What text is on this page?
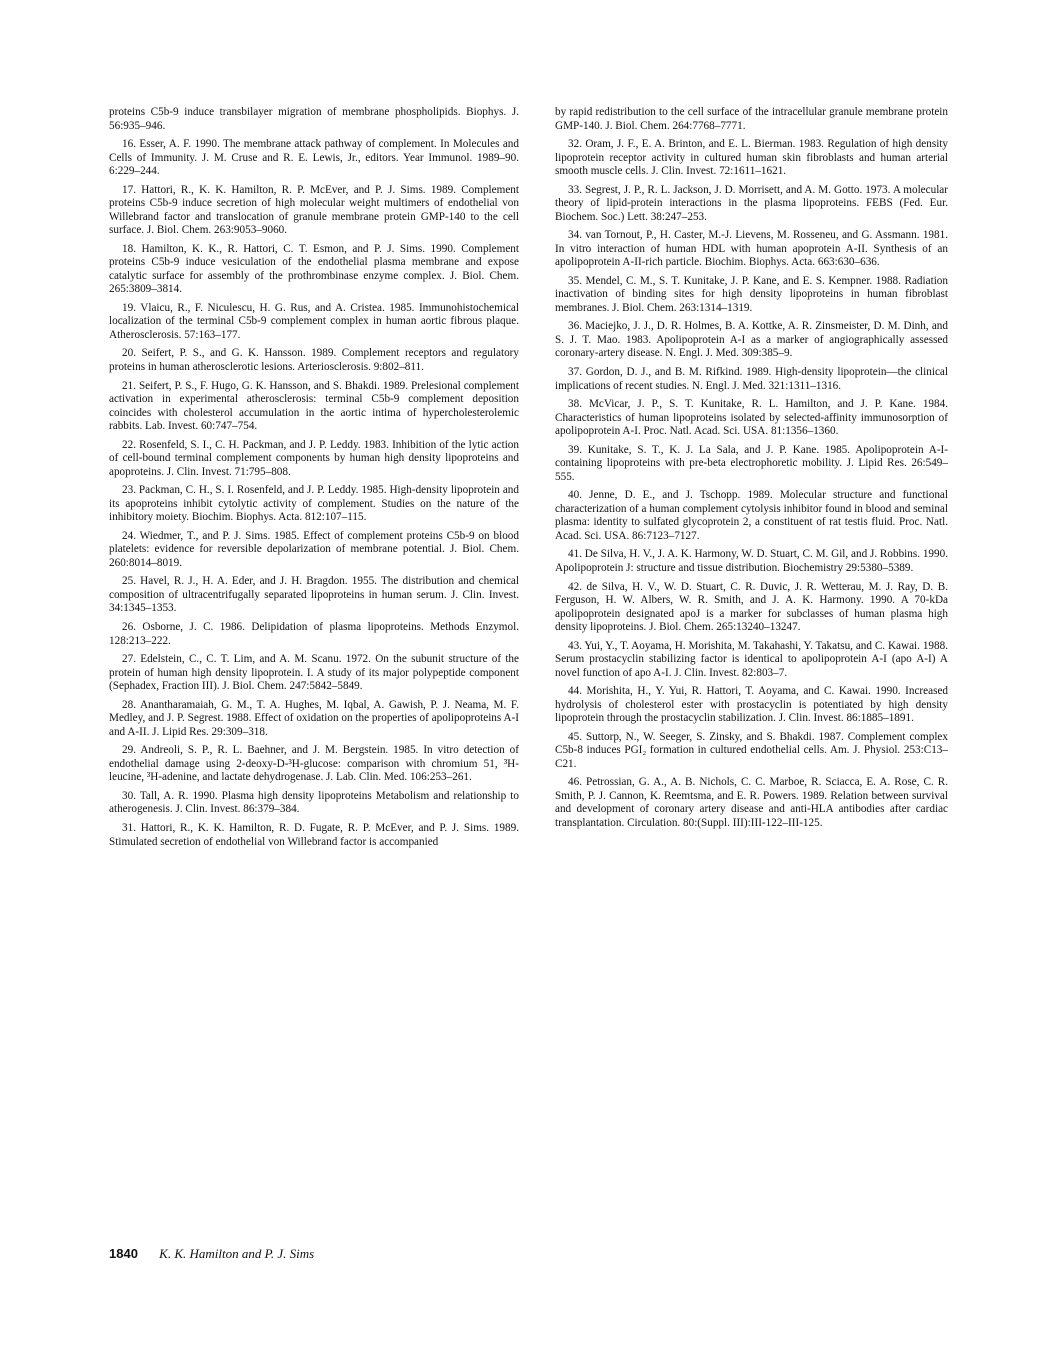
proteins C5b-9 induce transbilayer migration of membrane phospholipids. Biophys. J. 56:935–946.

16. Esser, A. F. 1990. The membrane attack pathway of complement. In Molecules and Cells of Immunity. J. M. Cruse and R. E. Lewis, Jr., editors. Year Immunol. 1989–90. 6:229–244.

17. Hattori, R., K. K. Hamilton, R. P. McEver, and P. J. Sims. 1989. Complement proteins C5b-9 induce secretion of high molecular weight multimers of endothelial von Willebrand factor and translocation of granule membrane protein GMP-140 to the cell surface. J. Biol. Chem. 263:9053–9060.

18. Hamilton, K. K., R. Hattori, C. T. Esmon, and P. J. Sims. 1990. Complement proteins C5b-9 induce vesiculation of the endothelial plasma membrane and expose catalytic surface for assembly of the prothrombinase enzyme complex. J. Biol. Chem. 265:3809–3814.

19. Vlaicu, R., F. Niculescu, H. G. Rus, and A. Cristea. 1985. Immunohistochemical localization of the terminal C5b-9 complement complex in human aortic fibrous plaque. Atherosclerosis. 57:163–177.

20. Seifert, P. S., and G. K. Hansson. 1989. Complement receptors and regulatory proteins in human atherosclerotic lesions. Arteriosclerosis. 9:802–811.

21. Seifert, P. S., F. Hugo, G. K. Hansson, and S. Bhakdi. 1989. Prelesional complement activation in experimental atherosclerosis: terminal C5b-9 complement deposition coincides with cholesterol accumulation in the aortic intima of hypercholesterolemic rabbits. Lab. Invest. 60:747–754.

22. Rosenfeld, S. I., C. H. Packman, and J. P. Leddy. 1983. Inhibition of the lytic action of cell-bound terminal complement components by human high density lipoproteins and apoproteins. J. Clin. Invest. 71:795–808.

23. Packman, C. H., S. I. Rosenfeld, and J. P. Leddy. 1985. High-density lipoprotein and its apoproteins inhibit cytolytic activity of complement. Studies on the nature of the inhibitory moiety. Biochim. Biophys. Acta. 812:107–115.

24. Wiedmer, T., and P. J. Sims. 1985. Effect of complement proteins C5b-9 on blood platelets: evidence for reversible depolarization of membrane potential. J. Biol. Chem. 260:8014–8019.

25. Havel, R. J., H. A. Eder, and J. H. Bragdon. 1955. The distribution and chemical composition of ultracentrifugally separated lipoproteins in human serum. J. Clin. Invest. 34:1345–1353.

26. Osborne, J. C. 1986. Delipidation of plasma lipoproteins. Methods Enzymol. 128:213–222.

27. Edelstein, C., C. T. Lim, and A. M. Scanu. 1972. On the subunit structure of the protein of human high density lipoprotein. I. A study of its major polypeptide component (Sephadex, Fraction III). J. Biol. Chem. 247:5842–5849.

28. Anantharamaiah, G. M., T. A. Hughes, M. Iqbal, A. Gawish, P. J. Neama, M. F. Medley, and J. P. Segrest. 1988. Effect of oxidation on the properties of apolipoproteins A-I and A-II. J. Lipid Res. 29:309–318.

29. Andreoli, S. P., R. L. Baehner, and J. M. Bergstein. 1985. In vitro detection of endothelial damage using 2-deoxy-D-³H-glucose: comparison with chromium 51, ³H-leucine, ³H-adenine, and lactate dehydrogenase. J. Lab. Clin. Med. 106:253–261.

30. Tall, A. R. 1990. Plasma high density lipoproteins Metabolism and relationship to atherogenesis. J. Clin. Invest. 86:379–384.

31. Hattori, R., K. K. Hamilton, R. D. Fugate, R. P. McEver, and P. J. Sims. 1989. Stimulated secretion of endothelial von Willebrand factor is accompanied

by rapid redistribution to the cell surface of the intracellular granule membrane protein GMP-140. J. Biol. Chem. 264:7768–7771.

32. Oram, J. F., E. A. Brinton, and E. L. Bierman. 1983. Regulation of high density lipoprotein receptor activity in cultured human skin fibroblasts and human arterial smooth muscle cells. J. Clin. Invest. 72:1611–1621.

33. Segrest, J. P., R. L. Jackson, J. D. Morrisett, and A. M. Gotto. 1973. A molecular theory of lipid-protein interactions in the plasma lipoproteins. FEBS (Fed. Eur. Biochem. Soc.) Lett. 38:247–253.

34. van Tornout, P., H. Caster, M.-J. Lievens, M. Rosseneu, and G. Assmann. 1981. In vitro interaction of human HDL with human apoprotein A-II. Synthesis of an apolipoprotein A-II-rich particle. Biochim. Biophys. Acta. 663:630–636.

35. Mendel, C. M., S. T. Kunitake, J. P. Kane, and E. S. Kempner. 1988. Radiation inactivation of binding sites for high density lipoproteins in human fibroblast membranes. J. Biol. Chem. 263:1314–1319.

36. Maciejko, J. J., D. R. Holmes, B. A. Kottke, A. R. Zinsmeister, D. M. Dinh, and S. J. T. Mao. 1983. Apolipoprotein A-I as a marker of angiographically assessed coronary-artery disease. N. Engl. J. Med. 309:385–9.

37. Gordon, D. J., and B. M. Rifkind. 1989. High-density lipoprotein—the clinical implications of recent studies. N. Engl. J. Med. 321:1311–1316.

38. McVicar, J. P., S. T. Kunitake, R. L. Hamilton, and J. P. Kane. 1984. Characteristics of human lipoproteins isolated by selected-affinity immunosorption of apolipoprotein A-I. Proc. Natl. Acad. Sci. USA. 81:1356–1360.

39. Kunitake, S. T., K. J. La Sala, and J. P. Kane. 1985. Apolipoprotein A-I-containing lipoproteins with pre-beta electrophoretic mobility. J. Lipid Res. 26:549–555.

40. Jenne, D. E., and J. Tschopp. 1989. Molecular structure and functional characterization of a human complement cytolysis inhibitor found in blood and seminal plasma: identity to sulfated glycoprotein 2, a constituent of rat testis fluid. Proc. Natl. Acad. Sci. USA. 86:7123–7127.

41. De Silva, H. V., J. A. K. Harmony, W. D. Stuart, C. M. Gil, and J. Robbins. 1990. Apolipoprotein J: structure and tissue distribution. Biochemistry 29:5380–5389.

42. de Silva, H. V., W. D. Stuart, C. R. Duvic, J. R. Wetterau, M. J. Ray, D. B. Ferguson, H. W. Albers, W. R. Smith, and J. A. K. Harmony. 1990. A 70-kDa apolipoprotein designated apoJ is a marker for subclasses of human plasma high density lipoproteins. J. Biol. Chem. 265:13240–13247.

43. Yui, Y., T. Aoyama, H. Morishita, M. Takahashi, Y. Takatsu, and C. Kawai. 1988. Serum prostacyclin stabilizing factor is identical to apolipoprotein A-I (apo A-I) A novel function of apo A-I. J. Clin. Invest. 82:803–7.

44. Morishita, H., Y. Yui, R. Hattori, T. Aoyama, and C. Kawai. 1990. Increased hydrolysis of cholesterol ester with prostacyclin is potentiated by high density lipoprotein through the prostacyclin stabilization. J. Clin. Invest. 86:1885–1891.

45. Suttorp, N., W. Seeger, S. Zinsky, and S. Bhakdi. 1987. Complement complex C5b-8 induces PGI₂ formation in cultured endothelial cells. Am. J. Physiol. 253:C13–C21.

46. Petrossian, G. A., A. B. Nichols, C. C. Marboe, R. Sciacca, E. A. Rose, C. R. Smith, P. J. Cannon, K. Reemtsma, and E. R. Powers. 1989. Relation between survival and development of coronary artery disease and anti-HLA antibodies after cardiac transplantation. Circulation. 80:(Suppl. III):III-122–III-125.

1840 K. K. Hamilton and P. J. Sims
